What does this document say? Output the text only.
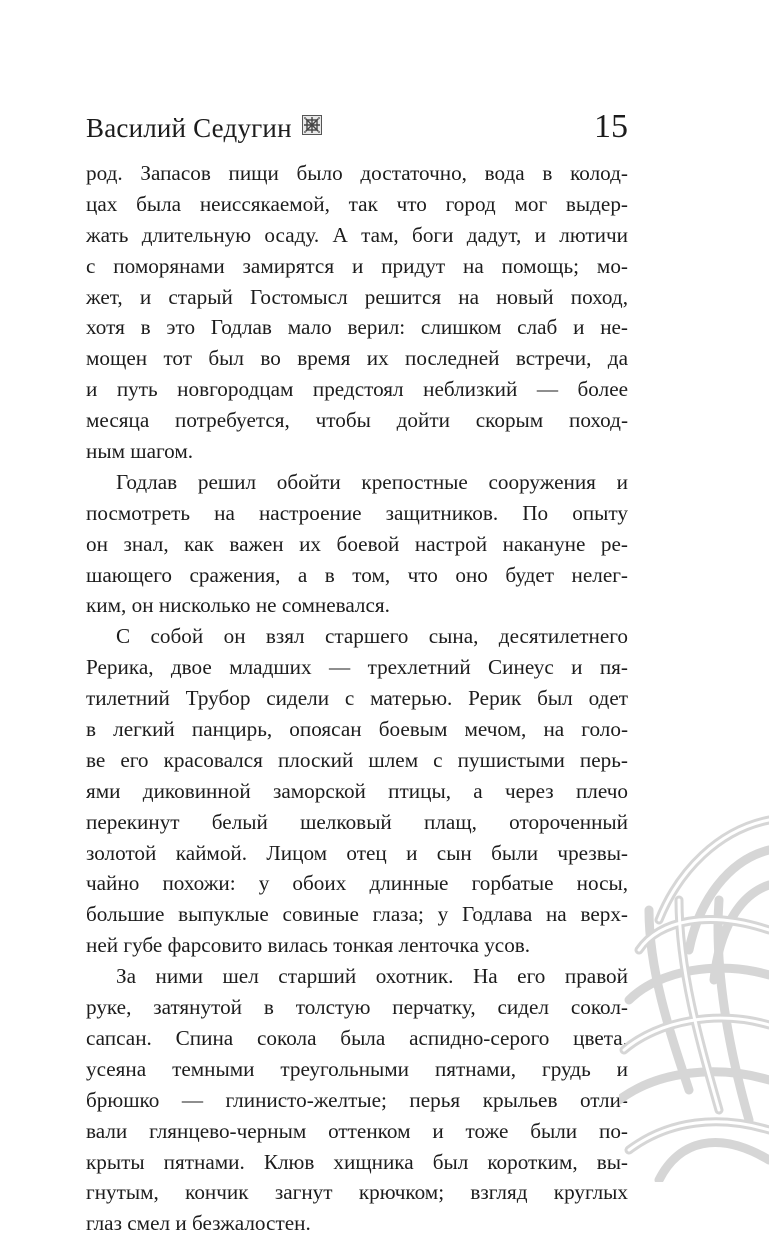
Василий Седугин	15
род. Запасов пищи было достаточно, вода в колод-
цах была неиссякаемой, так что город мог выдер-
жать длительную осаду. А там, боги дадут, и лютичи
с поморянами замирятся и придут на помощь; мо-
жет, и старый Гостомысл решится на новый поход,
хотя в это Годлав мало верил: слишком слаб и не-
мощен тот был во время их последней встречи, да
и путь новгородцам предстоял неблизкий — более
месяца потребуется, чтобы дойти скорым поход-
ным шагом.
Годлав решил обойти крепостные сооружения и
посмотреть на настроение защитников. По опыту
он знал, как важен их боевой настрой накануне ре-
шающего сражения, а в том, что оно будет нелег-
ким, он нисколько не сомневался.
С собой он взял старшего сына, десятилетнего
Рерика, двое младших — трехлетний Синеус и пя-
тилетний Трубор сидели с матерью. Рерик был одет
в легкий панцирь, опоясан боевым мечом, на голо-
ве его красовался плоский шлем с пушистыми перь-
ями диковинной заморской птицы, а через плечо
перекинут белый шелковый плащ, отороченный
золотой каймой. Лицом отец и сын были чрезвы-
чайно похожи: у обоих длинные горбатые носы,
большие выпуклые совиные глаза; у Годлава на верх-
ней губе фарсовито вилась тонкая ленточка усов.
За ними шел старший охотник. На его правой
руке, затянутой в толстую перчатку, сидел сокол-
сапсан. Спина сокола была аспидно-серого цвета,
усеяна темными треугольными пятнами, грудь и
брюшко — глинисто-желтые; перья крыльев отли-
вали глянцево-черным оттенком и тоже были по-
крыты пятнами. Клюв хищника был коротким, вы-
гнутым, кончик загнут крючком; взгляд круглых
глаз смел и безжалостен.
